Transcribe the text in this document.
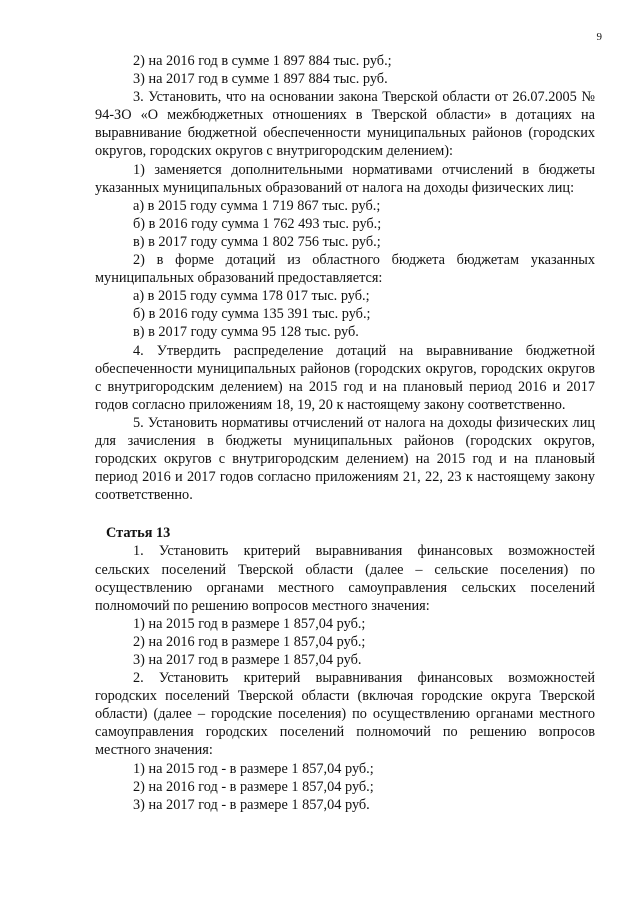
9

2) на 2016 год в сумме 1 897 884 тыс. руб.;

3) на 2017 год в сумме 1 897 884 тыс. руб.

3. Установить, что на основании закона Тверской области от 26.07.2005 № 94-ЗО «О межбюджетных отношениях в Тверской области» в дотациях на выравнивание бюджетной обеспеченности муниципальных районов (городских округов, городских округов с внутригородским делением):

1) заменяется дополнительными нормативами отчислений в бюджеты указанных муниципальных образований от налога на доходы физических лиц:

а) в 2015 году сумма 1 719 867 тыс. руб.;

б) в 2016 году сумма 1 762 493 тыс. руб.;

в) в 2017 году сумма 1 802 756 тыс. руб.;

2) в форме дотаций из областного бюджета бюджетам указанных муниципальных образований предоставляется:

а) в 2015 году сумма 178 017 тыс. руб.;

б) в 2016 году сумма 135 391 тыс. руб.;

в) в 2017 году сумма 95 128 тыс. руб.

4. Утвердить распределение дотаций на выравнивание бюджетной обеспеченности муниципальных районов (городских округов, городских округов с внутригородским делением) на 2015 год и на плановый период 2016 и 2017 годов согласно приложениям 18, 19, 20 к настоящему закону соответственно.

5. Установить нормативы отчислений от налога на доходы физических лиц для зачисления в бюджеты муниципальных районов (городских округов, городских округов с внутригородским делением) на 2015 год и на плановый период 2016 и 2017 годов согласно приложениям 21, 22, 23 к настоящему закону соответственно.

Статья 13

1. Установить критерий выравнивания финансовых возможностей сельских поселений Тверской области (далее – сельские поселения) по осуществлению органами местного самоуправления сельских поселений полномочий по решению вопросов местного значения:

1) на 2015 год в размере 1 857,04 руб.;

2) на 2016 год в размере 1 857,04 руб.;

3) на 2017 год в размере 1 857,04 руб.

2. Установить критерий выравнивания финансовых возможностей городских поселений Тверской области (включая городские округа Тверской области) (далее – городские поселения) по осуществлению органами местного самоуправления городских поселений полномочий по решению вопросов местного значения:

1) на 2015 год - в размере 1 857,04 руб.;

2) на 2016 год - в размере 1 857,04 руб.;

3) на 2017 год - в размере 1 857,04 руб.
